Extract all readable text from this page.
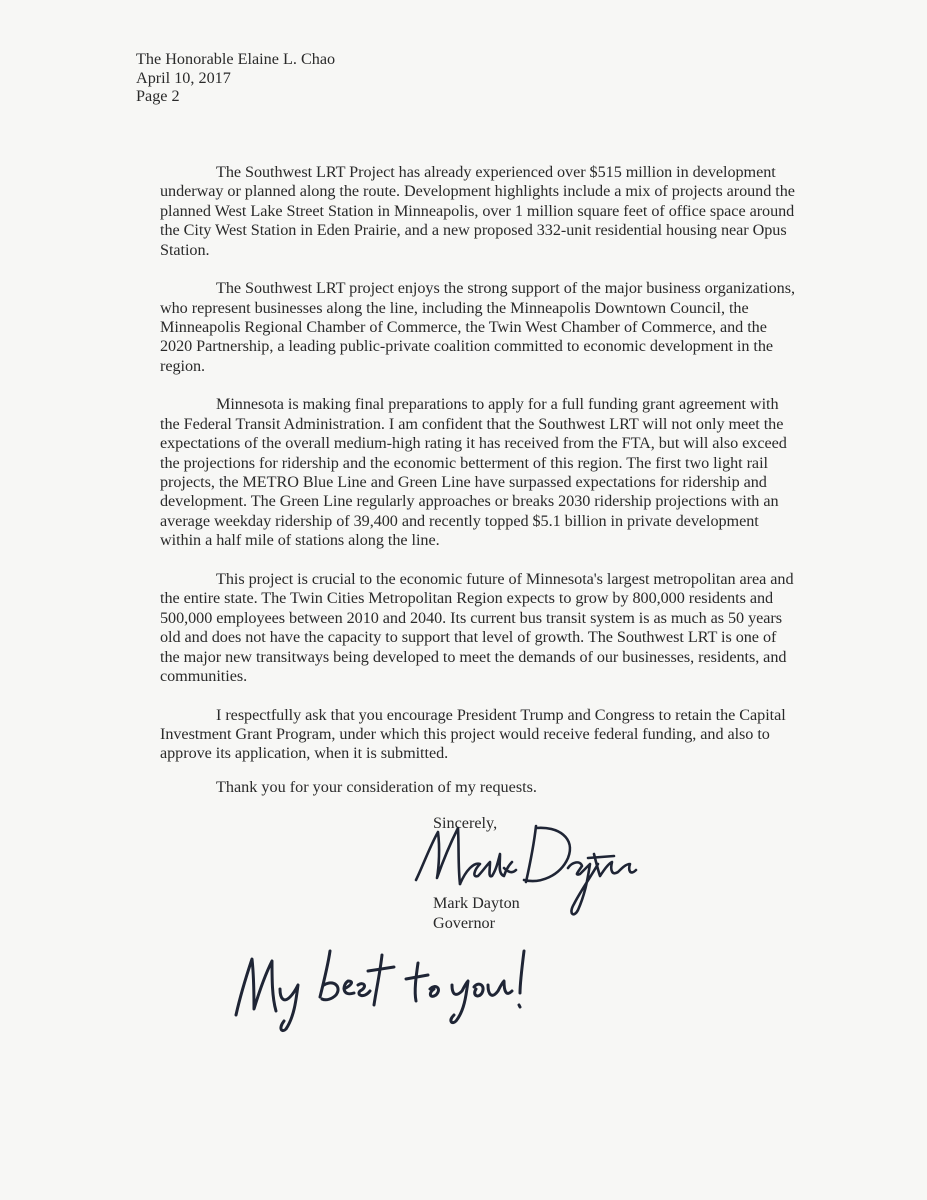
The Honorable Elaine L. Chao
April 10, 2017
Page 2

The Southwest LRT Project has already experienced over $515 million in development underway or planned along the route. Development highlights include a mix of projects around the planned West Lake Street Station in Minneapolis, over 1 million square feet of office space around the City West Station in Eden Prairie, and a new proposed 332-unit residential housing near Opus Station.

The Southwest LRT project enjoys the strong support of the major business organizations, who represent businesses along the line, including the Minneapolis Downtown Council, the Minneapolis Regional Chamber of Commerce, the Twin West Chamber of Commerce, and the 2020 Partnership, a leading public-private coalition committed to economic development in the region.

Minnesota is making final preparations to apply for a full funding grant agreement with the Federal Transit Administration. I am confident that the Southwest LRT will not only meet the expectations of the overall medium-high rating it has received from the FTA, but will also exceed the projections for ridership and the economic betterment of this region. The first two light rail projects, the METRO Blue Line and Green Line have surpassed expectations for ridership and development. The Green Line regularly approaches or breaks 2030 ridership projections with an average weekday ridership of 39,400 and recently topped $5.1 billion in private development within a half mile of stations along the line.

This project is crucial to the economic future of Minnesota's largest metropolitan area and the entire state. The Twin Cities Metropolitan Region expects to grow by 800,000 residents and 500,000 employees between 2010 and 2040. Its current bus transit system is as much as 50 years old and does not have the capacity to support that level of growth. The Southwest LRT is one of the major new transitways being developed to meet the demands of our businesses, residents, and communities.

I respectfully ask that you encourage President Trump and Congress to retain the Capital Investment Grant Program, under which this project would receive federal funding, and also to approve its application, when it is submitted.

Thank you for your consideration of my requests.
Sincerely,
Mark Dayton
Governor
